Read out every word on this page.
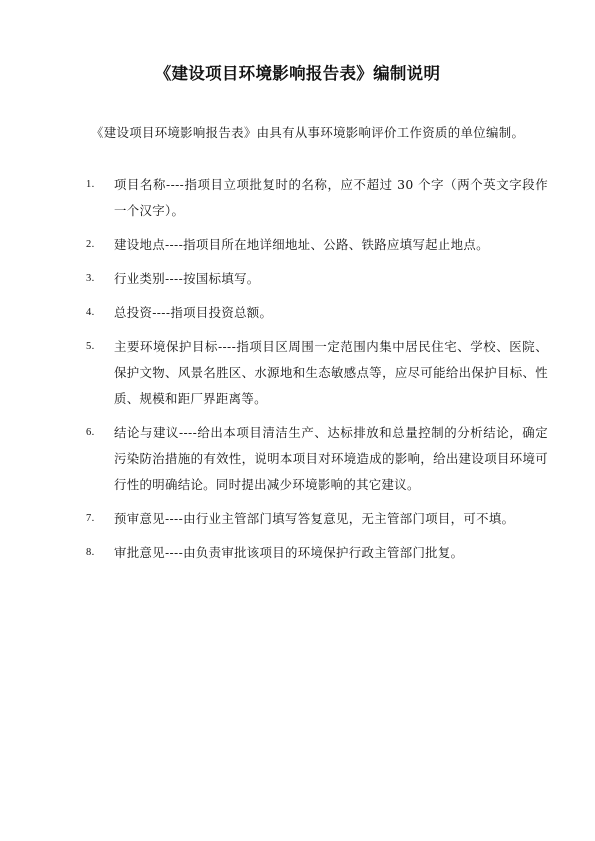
《建设项目环境影响报告表》编制说明
《建设项目环境影响报告表》由具有从事环境影响评价工作资质的单位编制。
1. 项目名称----指项目立项批复时的名称，应不超过 30 个字（两个英文字段作一个汉字）。
2. 建设地点----指项目所在地详细地址、公路、铁路应填写起止地点。
3. 行业类别----按国标填写。
4. 总投资----指项目投资总额。
5. 主要环境保护目标----指项目区周围一定范围内集中居民住宅、学校、医院、保护文物、风景名胜区、水源地和生态敏感点等，应尽可能给出保护目标、性质、规模和距厂界距离等。
6. 结论与建议----给出本项目清洁生产、达标排放和总量控制的分析结论，确定污染防治措施的有效性，说明本项目对环境造成的影响，给出建设项目环境可行性的明确结论。同时提出减少环境影响的其它建议。
7. 预审意见----由行业主管部门填写答复意见，无主管部门项目，可不填。
8. 审批意见----由负责审批该项目的环境保护行政主管部门批复。
